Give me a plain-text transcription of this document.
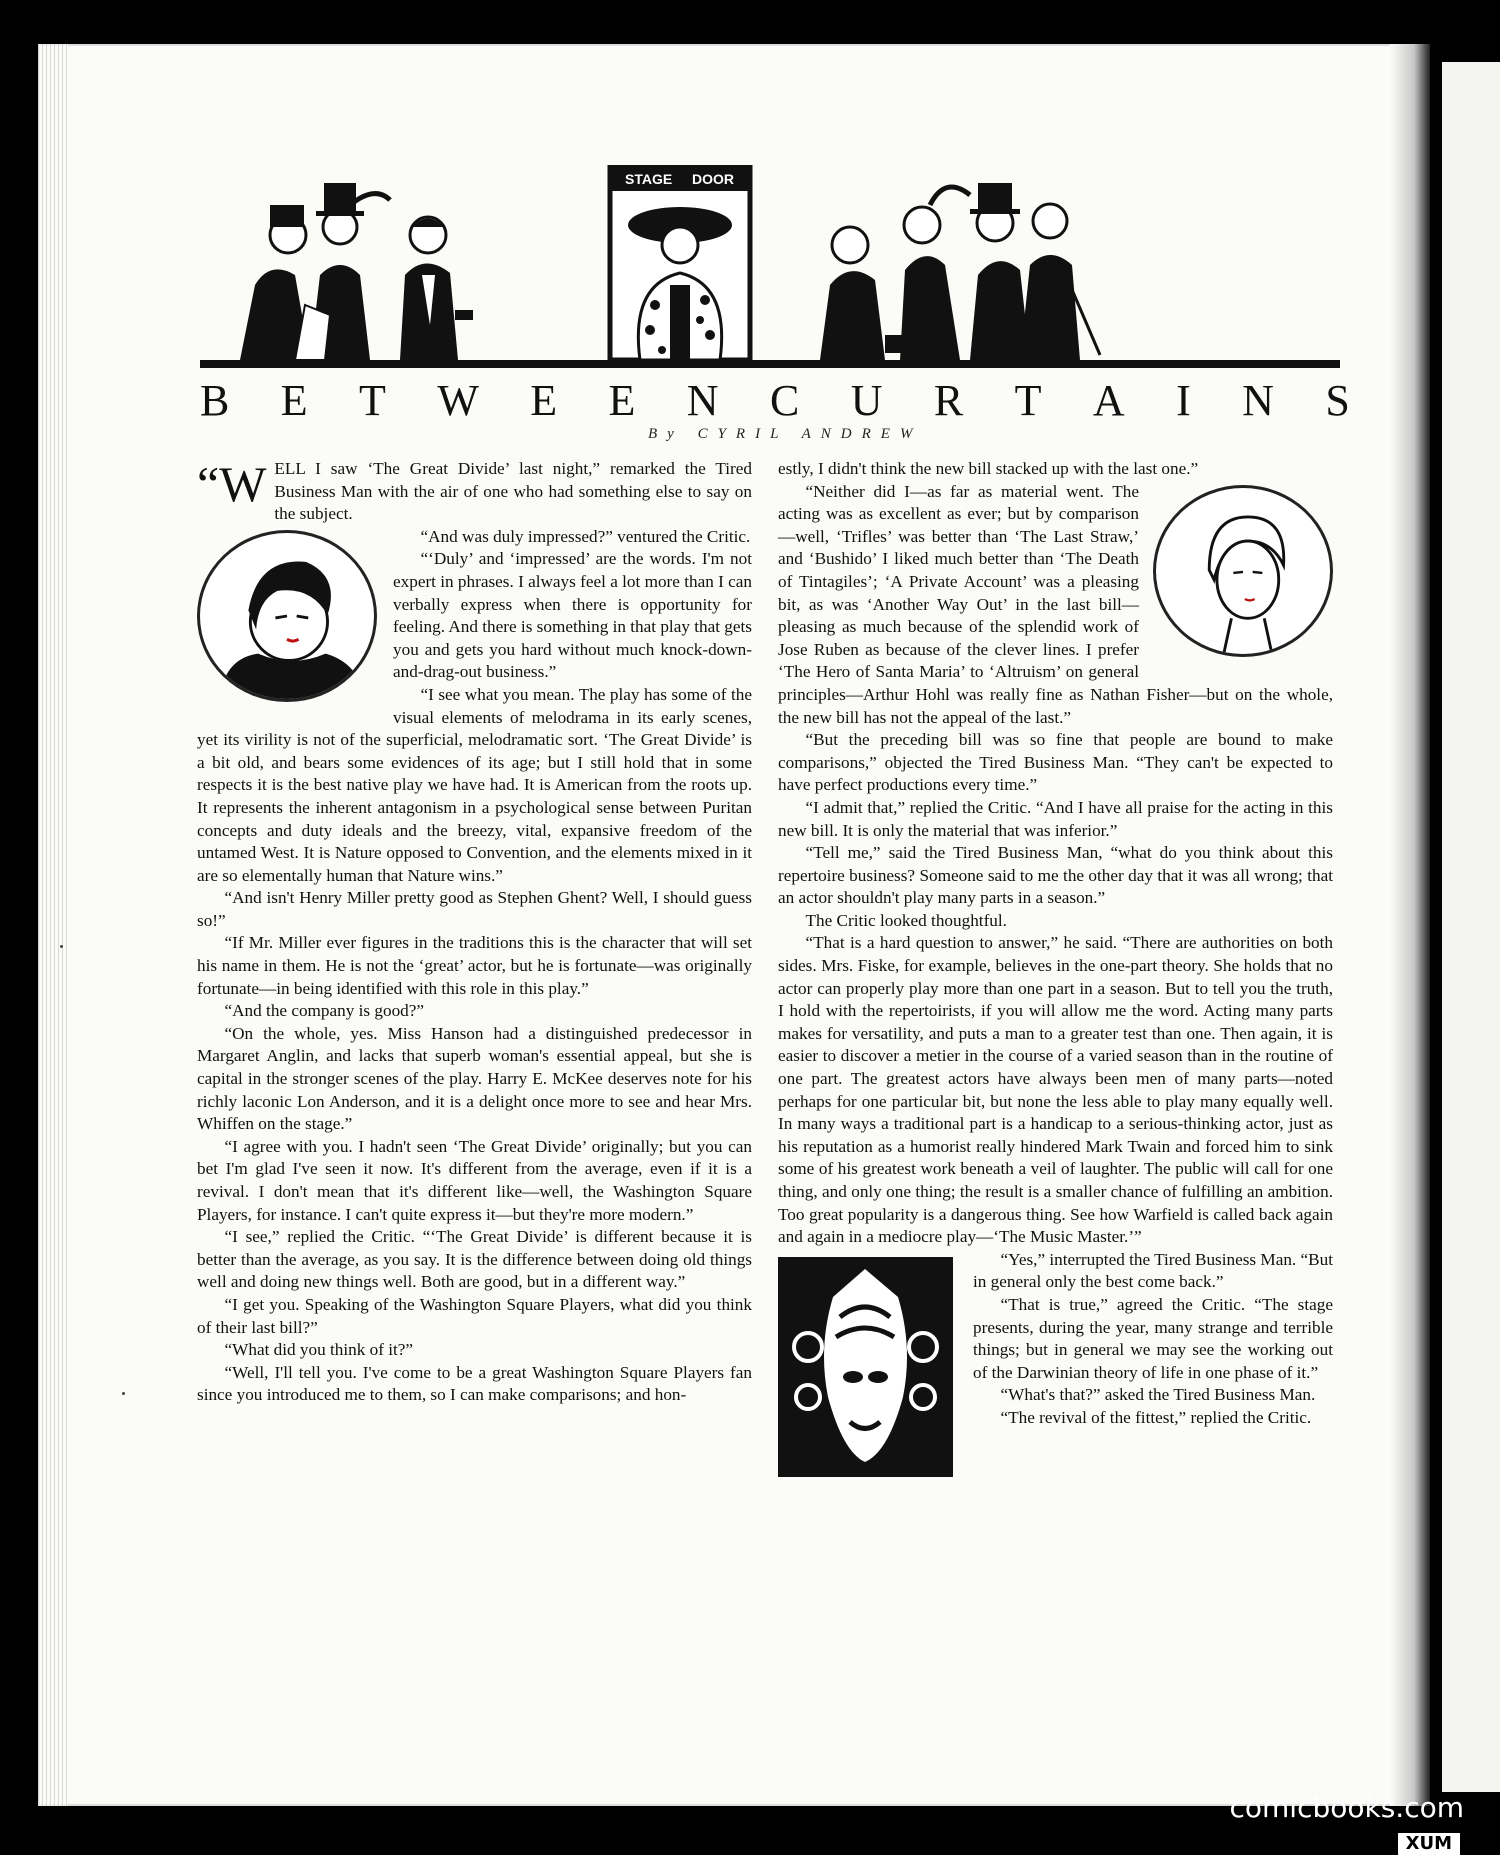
STAGE DOOR
B E T W E E N C U R T A I N S

By CYRIL ANDREW

“WELL I saw ‘The Great Divide’ last night,” remarked the Tired Business Man with the air of one who had something else to say on the subject.

“And was duly impressed?” ventured the Critic.

“‘Duly’ and ‘impressed’ are the words. I'm not expert in phrases. I always feel a lot more than I can verbally express when there is opportunity for feeling. And there is something in that play that gets you and gets you hard without much knock-down-and-drag-out business.”

“I see what you mean. The play has some of the visual elements of melodrama in its early scenes, yet its virility is not of the superficial, melodramatic sort. ‘The Great Divide’ is a bit old, and bears some evidences of its age; but I still hold that in some respects it is the best native play we have had. It is American from the roots up. It represents the inherent antagonism in a psychological sense between Puritan concepts and duty ideals and the breezy, vital, expansive freedom of the untamed West. It is Nature opposed to Convention, and the elements mixed in it are so elementally human that Nature wins.”

“And isn't Henry Miller pretty good as Stephen Ghent? Well, I should guess so!”

“If Mr. Miller ever figures in the traditions this is the character that will set his name in them. He is not the ‘great’ actor, but he is fortunate—was originally fortunate—in being identified with this role in this play.”

“And the company is good?”

“On the whole, yes. Miss Hanson had a distinguished predecessor in Margaret Anglin, and lacks that superb woman's essential appeal, but she is capital in the stronger scenes of the play. Harry E. McKee deserves note for his richly laconic Lon Anderson, and it is a delight once more to see and hear Mrs. Whiffen on the stage.”

“I agree with you. I hadn't seen ‘The Great Divide’ originally; but you can bet I'm glad I've seen it now. It's different from the average, even if it is a revival. I don't mean that it's different like—well, the Washington Square Players, for instance. I can't quite express it—but they're more modern.”

“I see,” replied the Critic. “‘The Great Divide’ is different because it is better than the average, as you say. It is the difference between doing old things well and doing new things well. Both are good, but in a different way.”

“I get you. Speaking of the Washington Square Players, what did you think of their last bill?”

“What did you think of it?”

“Well, I'll tell you. I've come to be a great Washington Square Players fan since you introduced me to them, so I can make comparisons; and hon-

estly, I didn't think the new bill stacked up with the last one.”

“Neither did I—as far as material went. The acting was as excellent as ever; but by comparison—well, ‘Trifles’ was better than ‘The Last Straw,’ and ‘Bushido’ I liked much better than ‘The Death of Tintagiles’; ‘A Private Account’ was a pleasing bit, as was ‘Another Way Out’ in the last bill—pleasing as much because of the splendid work of Jose Ruben as because of the clever lines. I prefer ‘The Hero of Santa Maria’ to ‘Altruism’ on general principles—Arthur Hohl was really fine as Nathan Fisher—but on the whole, the new bill has not the appeal of the last.”

“But the preceding bill was so fine that people are bound to make comparisons,” objected the Tired Business Man. “They can't be expected to have perfect productions every time.”

“I admit that,” replied the Critic. “And I have all praise for the acting in this new bill. It is only the material that was inferior.”

“Tell me,” said the Tired Business Man, “what do you think about this repertoire business? Someone said to me the other day that it was all wrong; that an actor shouldn't play many parts in a season.”

The Critic looked thoughtful.

“That is a hard question to answer,” he said. “There are authorities on both sides. Mrs. Fiske, for example, believes in the one-part theory. She holds that no actor can properly play more than one part in a season. But to tell you the truth, I hold with the repertoirists, if you will allow me the word. Acting many parts makes for versatility, and puts a man to a greater test than one. Then again, it is easier to discover a metier in the course of a varied season than in the routine of one part. The greatest actors have always been men of many parts—noted perhaps for one particular bit, but none the less able to play many equally well. In many ways a traditional part is a handicap to a serious-thinking actor, just as his reputation as a humorist really hindered Mark Twain and forced him to sink some of his greatest work beneath a veil of laughter. The public will call for one thing, and only one thing; the result is a smaller chance of fulfilling an ambition. Too great popularity is a dangerous thing. See how Warfield is called back again and again in a mediocre play—‘The Music Master.’”

“Yes,” interrupted the Tired Business Man. “But in general only the best come back.”

“That is true,” agreed the Critic. “The stage presents, during the year, many strange and terrible things; but in general we may see the working out of the Darwinian theory of life in one phase of it.”

“What's that?” asked the Tired Business Man.

“The revival of the fittest,” replied the Critic.

comicbooks.com

XUM
